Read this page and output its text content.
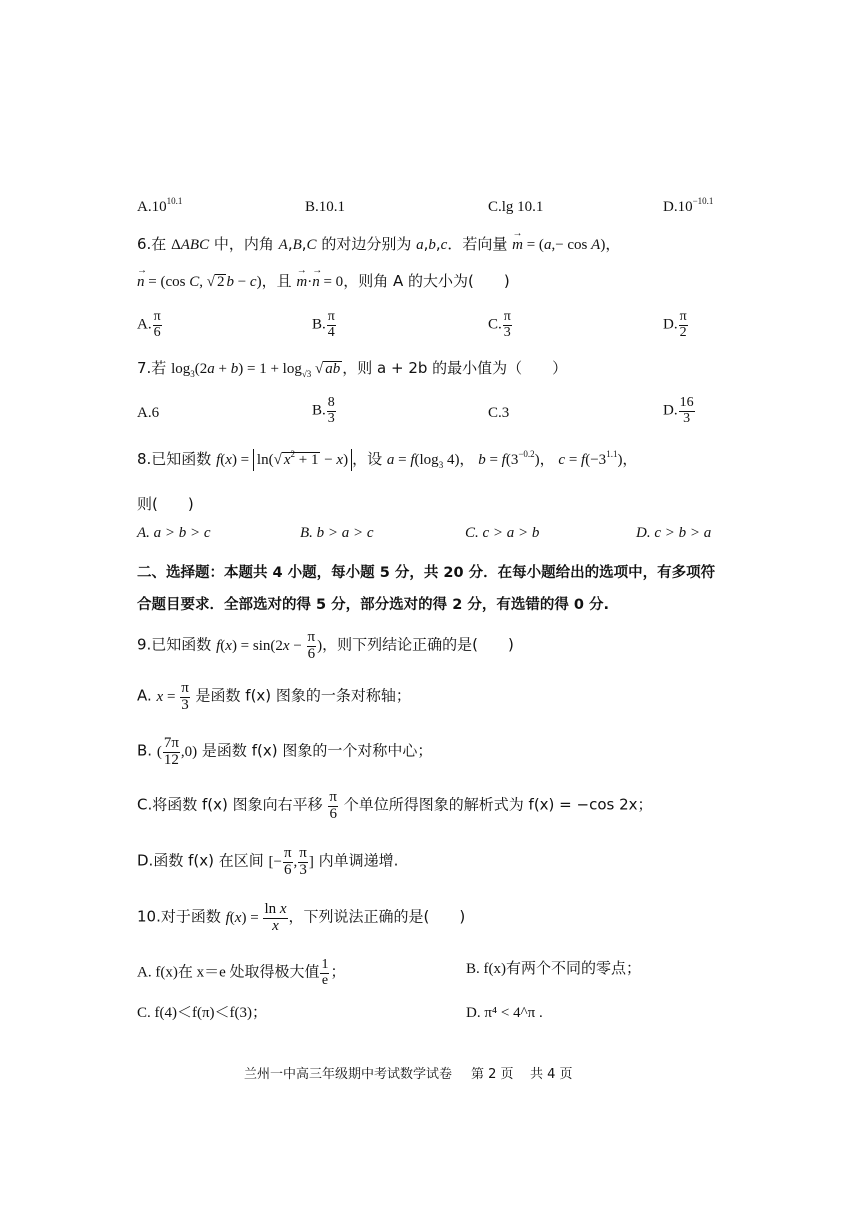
$A.10^{10.1}$	B.10.1	C.lg 10.1	$D.10^{-10.1}$
6.在 ΔABC 中，内角 A,B,C 的对边分别为 a,b,c．若向量 → m = (a,− cos A)，
→ n = (cos C, √ 2 b − c)，且 → m·→ n = 0，则角 A 的大小为(　　)
A. $\frac{\pi}{6}$	B. $\frac{\pi}{4}$	C. $\frac{\pi}{3}$	D. $\frac{\pi}{2}$
7.若 $\log_3(2a + b) = 1 + \log_{√3}$ √ ab ，则 a + 2b 的最小值为（　　）
A.6	B. $\frac{8}{3}$	C.3	D. $\frac{16}{3}$
8.已知函数 f(x) = ln(√ $x^2 + 1 - x$) ，设 $a = f(\log_3$ 4)， $b = f(3^{-0.2})$， $c = f(-3^{1.1})$，
则(　　)
A. a > b > c	B. b > a > c	C. c > a > b	D. c > b > a
二、选择题：本题共 4 小题，每小题 5 分，共 20 分．在每小题给出的选项中，有多项符
合题目要求．全部选对的得 5 分，部分选对的得 2 分，有选错的得 0 分.
9.已知函数 $f(x) = \sin(2x - \frac{\pi}{6}$ )，则下列结论正确的是(　　)
A. $x = \frac{\pi}{3}$ 是函数 f(x) 图象的一条对称轴；
B. ( $\frac{7\pi}{12} ,0$) 是函数 f(x) 图象的一个对称中心；
C.将函数 f(x) 图象向右平移 $\frac{\pi}{6}$ 个单位所得图象的解析式为 f(x) = −cos 2x；
D.函数 f(x) 在区间 [− $\frac{\pi}{6}$ , $\frac{\pi}{3}$ ] 内单调递增.
10.对于函数 $f(x) = \frac{\text{ln x}}{x}$ ，下列说法正确的是(　　)
A. f(x)在 x＝e 处取得极大值 $\frac{1}{e}$ ；	B. f(x)有两个不同的零点；
C. f(4)＜f(π)＜f(3)；	D. π⁴ < 4^π .
兰州一中高三年级期中考试数学试卷 第 2 页 共 4 页
